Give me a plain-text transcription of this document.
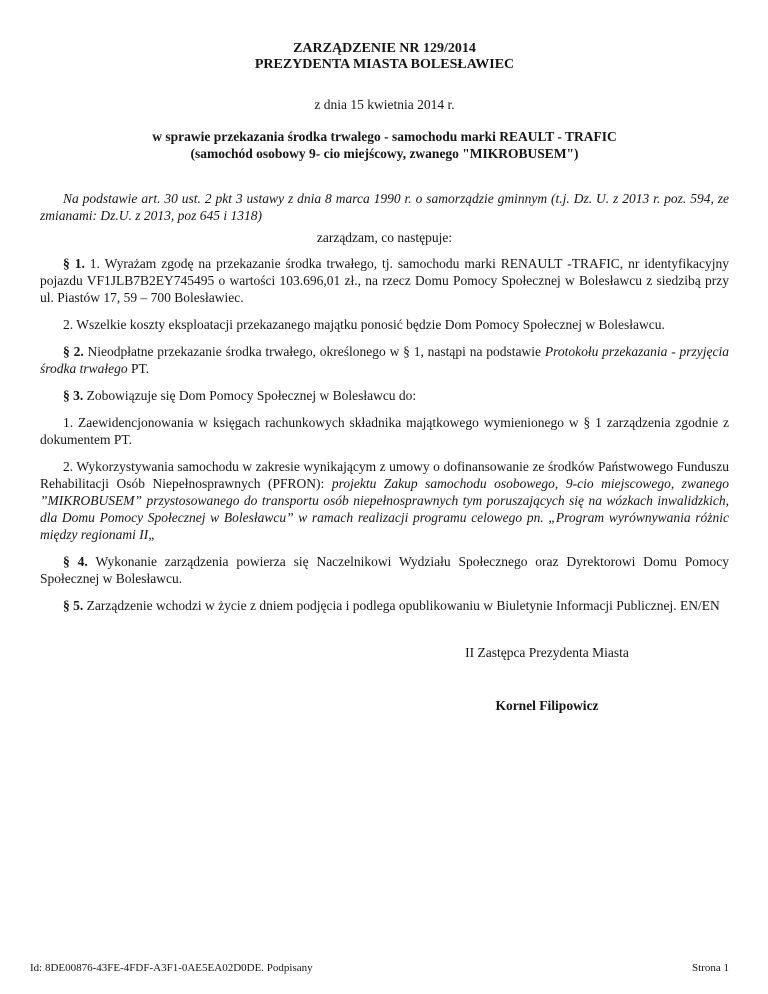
ZARZĄDZENIE NR 129/2014
PREZYDENTA MIASTA BOLESŁAWIEC
z dnia 15 kwietnia 2014 r.
w sprawie przekazania środka trwalego - samochodu marki REAULT - TRAFIC
(samochód osobowy 9- cio miejścowy, zwanego "MIKROBUSEM")

Na podstawie art. 30 ust. 2 pkt 3 ustawy z dnia 8 marca 1990 r. o samorządzie gminnym (t.j. Dz. U. z 2013 r. poz. 594, ze zmianami: Dz.U. z 2013, poz 645 i 1318)

zarządzam, co następuje:

§ 1. 1. Wyrażam zgodę na przekazanie środka trwałego, tj. samochodu marki RENAULT -TRAFIC, nr identyfikacyjny pojazdu VF1JLB7B2EY745495 o wartości 103.696,01 zł., na rzecz Domu Pomocy Społecznej w Bolesławcu z siedzibą przy ul. Piastów 17, 59 – 700 Bolesławiec.

2. Wszelkie koszty eksploatacji przekazanego majątku ponosić będzie Dom Pomocy Społecznej w Bolesławcu.

§ 2. Nieodpłatne przekazanie środka trwałego, określonego w § 1, nastąpi na podstawie Protokołu przekazania - przyjęcia środka trwałego PT.

§ 3. Zobowiązuje się Dom Pomocy Społecznej w Bolesławcu do:

1. Zaewidencjonowania w księgach rachunkowych składnika majątkowego wymienionego w § 1 zarządzenia zgodnie z dokumentem PT.

2. Wykorzystywania samochodu w zakresie wynikającym z umowy o dofinansowanie ze środków Państwowego Funduszu Rehabilitacji Osób Niepełnosprawnych (PFRON): projektu Zakup samochodu osobowego, 9-cio miejscowego, zwanego ”MIKROBUSEM” przystosowanego do transportu osób niepełnosprawnych tym poruszających się na wózkach inwalidzkich, dla Domu Pomocy Społecznej w Bolesławcu” w ramach realizacji programu celowego pn. „Program wyrównywania różnic między regionami II„

§ 4. Wykonanie zarządzenia powierza się Naczelnikowi Wydziału Społecznego oraz Dyrektorowi Domu Pomocy Społecznej w Bolesławcu.

§ 5. Zarządzenie wchodzi w życie z dniem podjęcia i podlega opublikowaniu w Biuletynie Informacji Publicznej. EN/EN

II Zastępca Prezydenta Miasta
Kornel Filipowicz
Id: 8DE00876-43FE-4FDF-A3F1-0AE5EA02D0DE. Podpisany	Strona 1
